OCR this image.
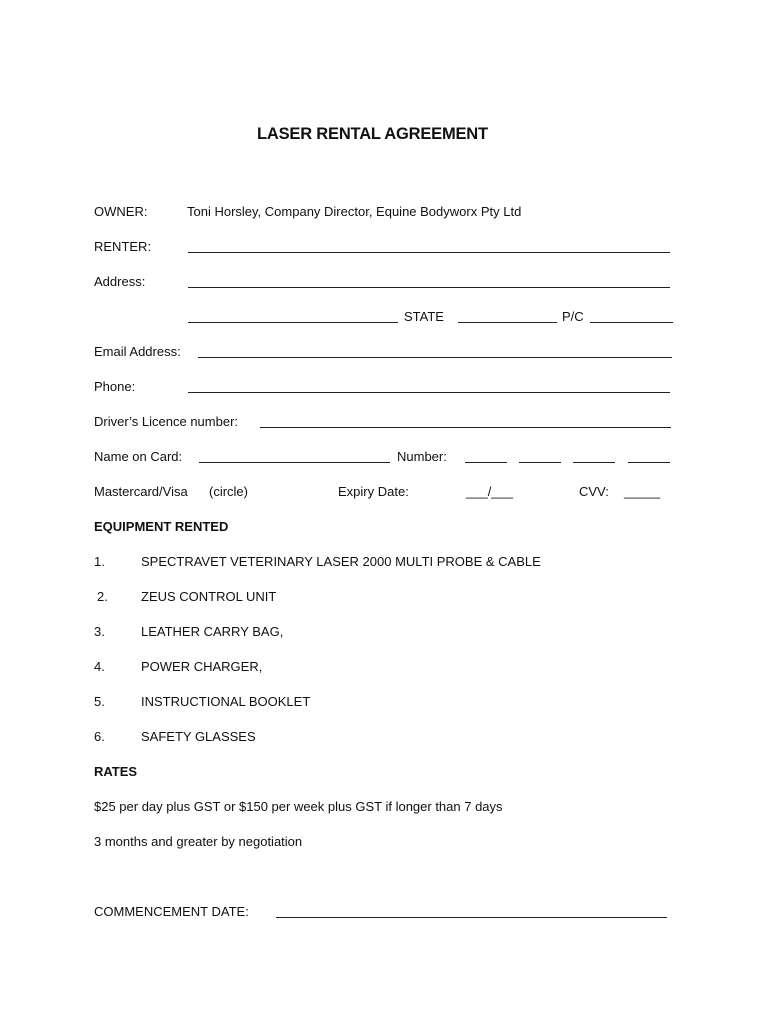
LASER RENTAL AGREEMENT
OWNER:	Toni Horsley, Company Director, Equine Bodyworx Pty Ltd
RENTER:
Address:
STATE	P/C
Email Address:
Phone:
Driver’s Licence number:
Name on Card:	Number:
Mastercard/Visa (circle)	Expiry Date:	___/___	CVV: _____
EQUIPMENT RENTED
1.	SPECTRAVET VETERINARY LASER 2000 MULTI PROBE & CABLE
2.	ZEUS CONTROL UNIT
3.	LEATHER CARRY BAG,
4.	POWER CHARGER,
5.	INSTRUCTIONAL BOOKLET
6.	SAFETY GLASSES
RATES
$25 per day plus GST or $150 per week plus GST if longer than 7 days
3 months and greater by negotiation
COMMENCEMENT DATE:
